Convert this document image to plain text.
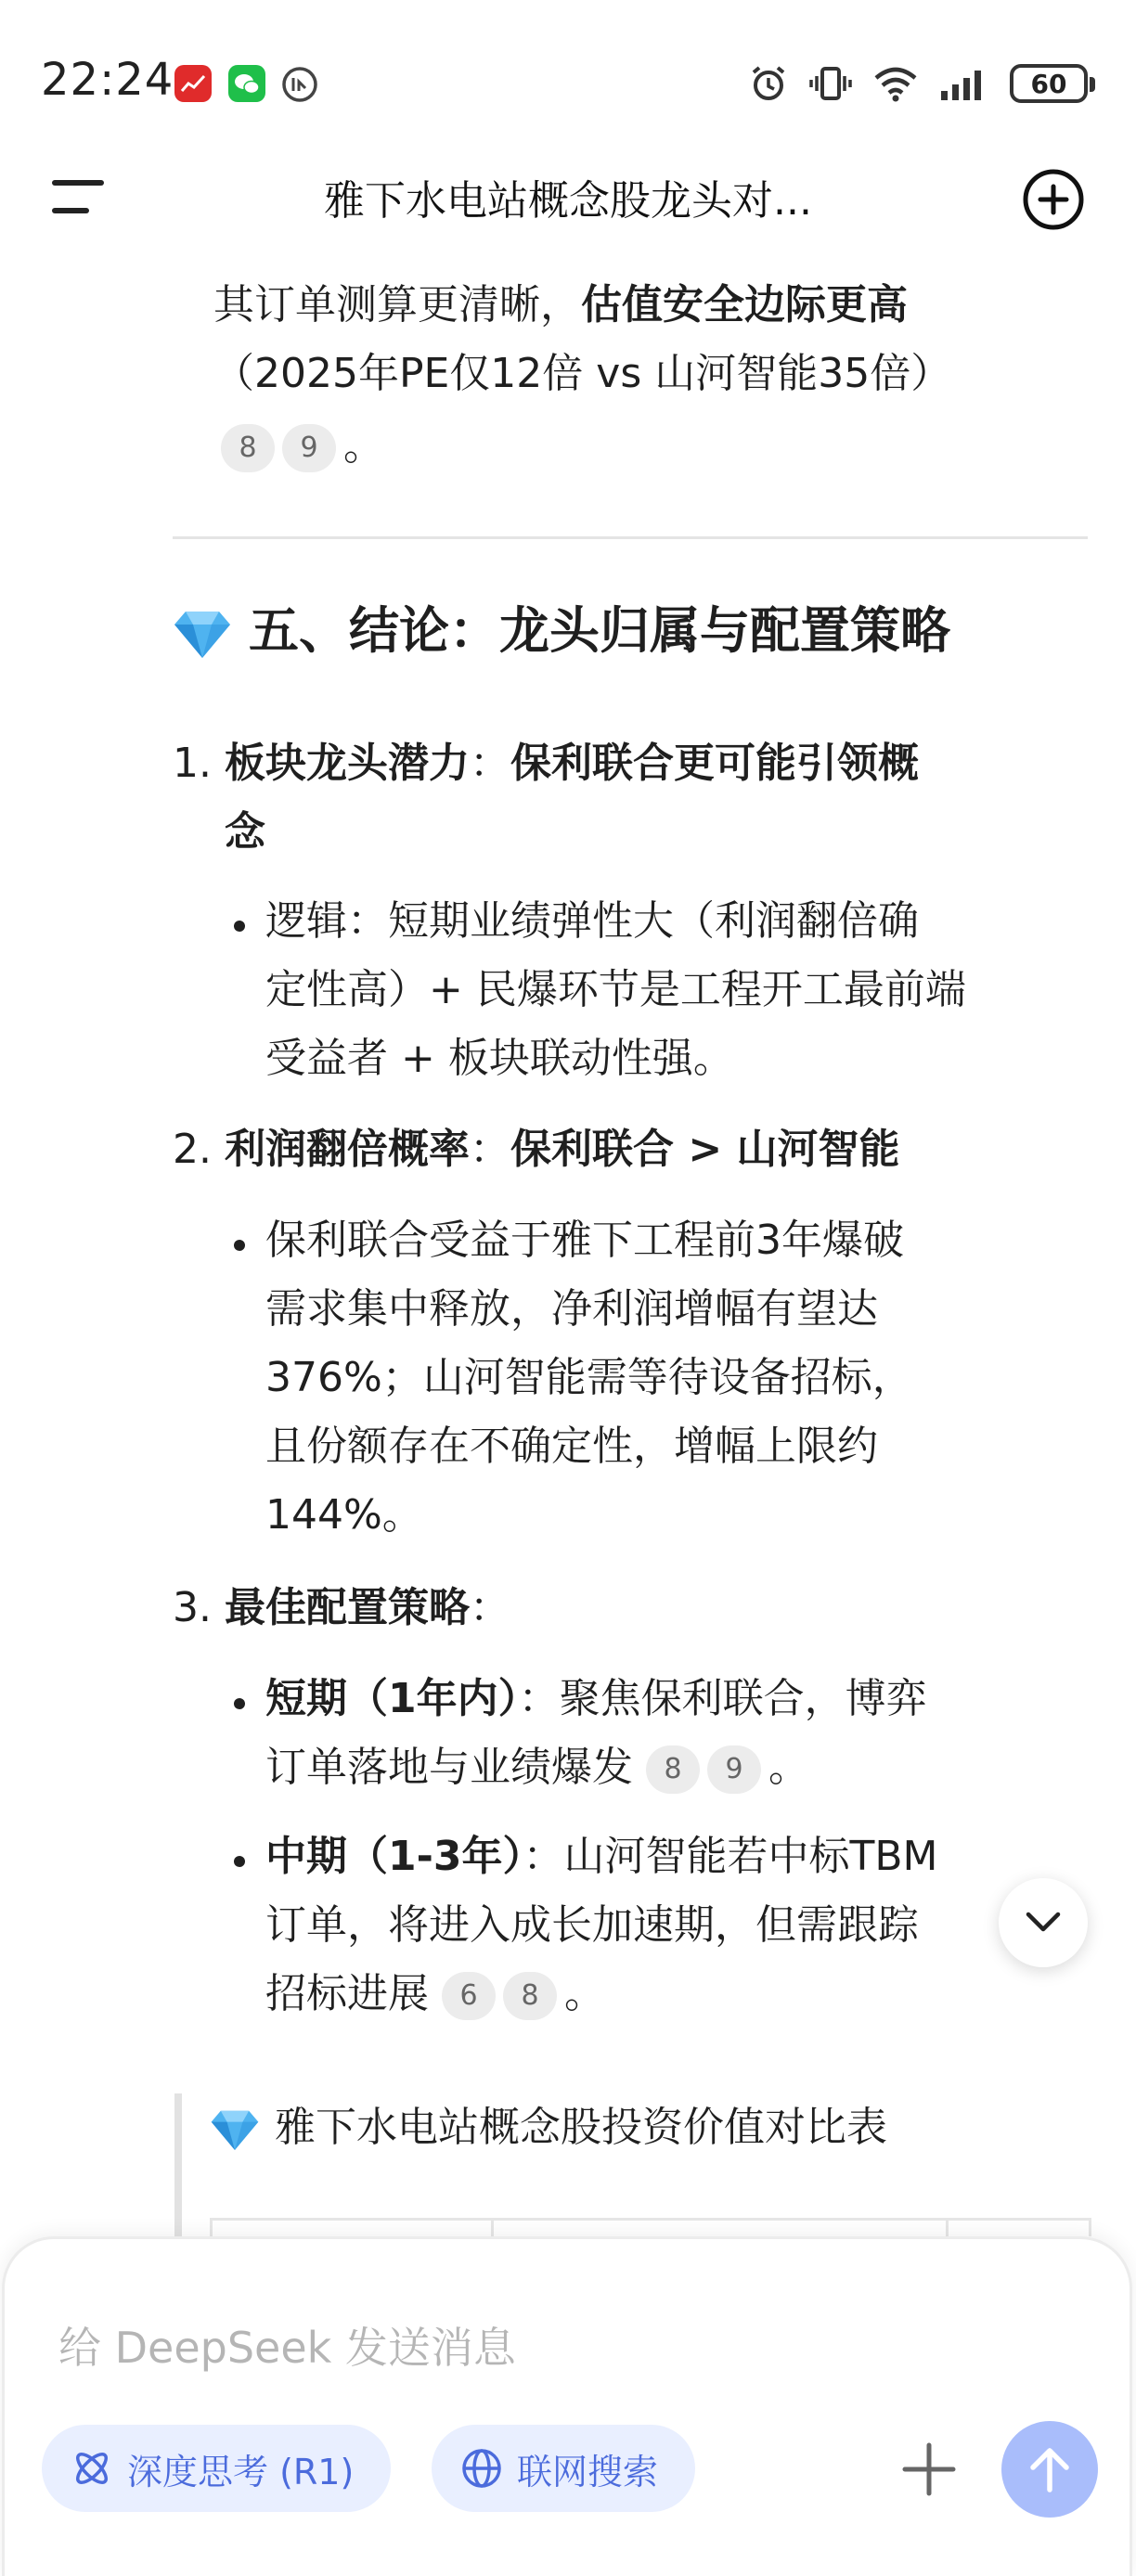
22:24	60
雅下水电站概念股龙头对...
其订单测算更清晰，估值安全边际更高
（2025年PE仅12倍 vs 山河智能35倍）
8 9 。
五、结论：龙头归属与配置策略
1. 板块龙头潜力：保利联合更可能引领概
念
逻辑：短期业绩弹性大（利润翻倍确
定性高）+ 民爆环节是工程开工最前端
受益者 + 板块联动性强。
2. 利润翻倍概率：保利联合 > 山河智能
保利联合受益于雅下工程前3年爆破
需求集中释放，净利润增幅有望达
376%；山河智能需等待设备招标，
且份额存在不确定性，增幅上限约
144%。
3. 最佳配置策略：
短期（1年内）：聚焦保利联合，博弈
订单落地与业绩爆发 8 9 。
中期（1-3年）：山河智能若中标TBM
订单，将进入成长加速期，但需跟踪
招标进展 6 8 。
雅下水电站概念股投资价值对比表
给 DeepSeek 发送消息
深度思考 (R1)	联网搜索
